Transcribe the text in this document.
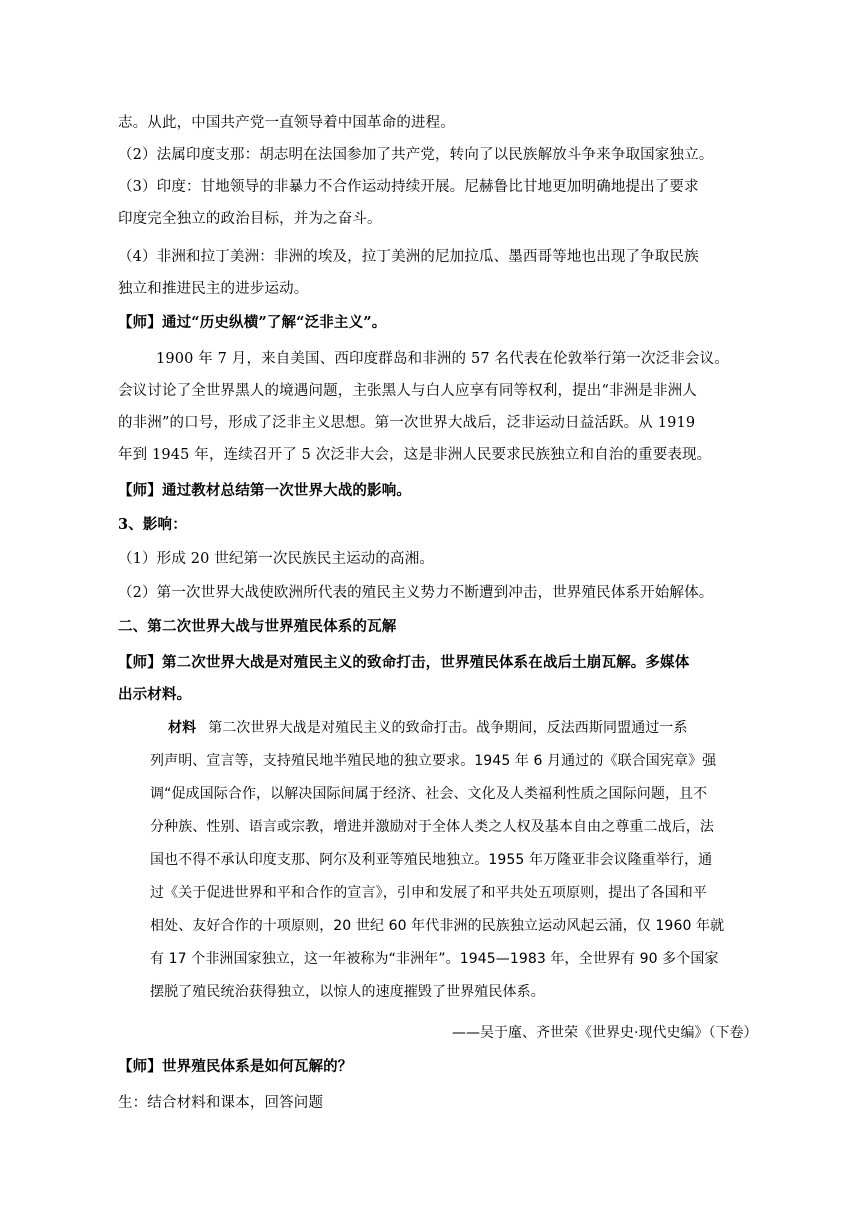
志。从此，中国共产党一直领导着中国革命的进程。
（2）法属印度支那：胡志明在法国参加了共产党，转向了以民族解放斗争来争取国家独立。
（3）印度：甘地领导的非暴力不合作运动持续开展。尼赫鲁比甘地更加明确地提出了要求
印度完全独立的政治目标，并为之奋斗。
（4）非洲和拉丁美洲：非洲的埃及，拉丁美洲的尼加拉瓜、墨西哥等地也出现了争取民族
独立和推进民主的进步运动。
【师】通过“历史纵横”了解“泛非主义”。
1900 年 7 月，来自美国、西印度群岛和非洲的 57 名代表在伦敦举行第一次泛非会议。
会议讨论了全世界黑人的境遇问题，主张黑人与白人应享有同等权利，提出“非洲是非洲人
的非洲”的口号，形成了泛非主义思想。第一次世界大战后，泛非运动日益活跃。从 1919
年到 1945 年，连续召开了 5 次泛非大会，这是非洲人民要求民族独立和自治的重要表现。
【师】通过教材总结第一次世界大战的影响。
3、影响：
（1）形成 20 世纪第一次民族民主运动的高湘。
（2）第一次世界大战使欧洲所代表的殖民主义势力不断遭到冲击，世界殖民体系开始解体。
二、第二次世界大战与世界殖民体系的瓦解
【师】第二次世界大战是对殖民主义的致命打击，世界殖民体系在战后土崩瓦解。多媒体
出示材料。
材料 第二次世界大战是对殖民主义的致命打击。战争期间，反法西斯同盟通过一系
列声明、宣言等，支持殖民地半殖民地的独立要求。1945 年 6 月通过的《联合国宪章》强
调“促成国际合作，以解决国际间属于经济、社会、文化及人类福利性质之国际问题，且不
分种族、性别、语言或宗教，增进并激励对于全体人类之人权及基本自由之尊重二战后，法
国也不得不承认印度支那、阿尔及利亚等殖民地独立。1955 年万隆亚非会议隆重举行，通
过《关于促进世界和平和合作的宣言》，引申和发展了和平共处五项原则，提出了各国和平
相处、友好合作的十项原则，20 世纪 60 年代非洲的民族独立运动风起云涌，仅 1960 年就
有 17 个非洲国家独立，这一年被称为“非洲年”。1945—1983 年，全世界有 90 多个国家
摆脱了殖民统治获得独立，以惊人的速度摧毁了世界殖民体系。
——吴于廑、齐世荣《世界史·现代史编》（下卷）
【师】世界殖民体系是如何瓦解的？
生：结合材料和课本，回答问题
